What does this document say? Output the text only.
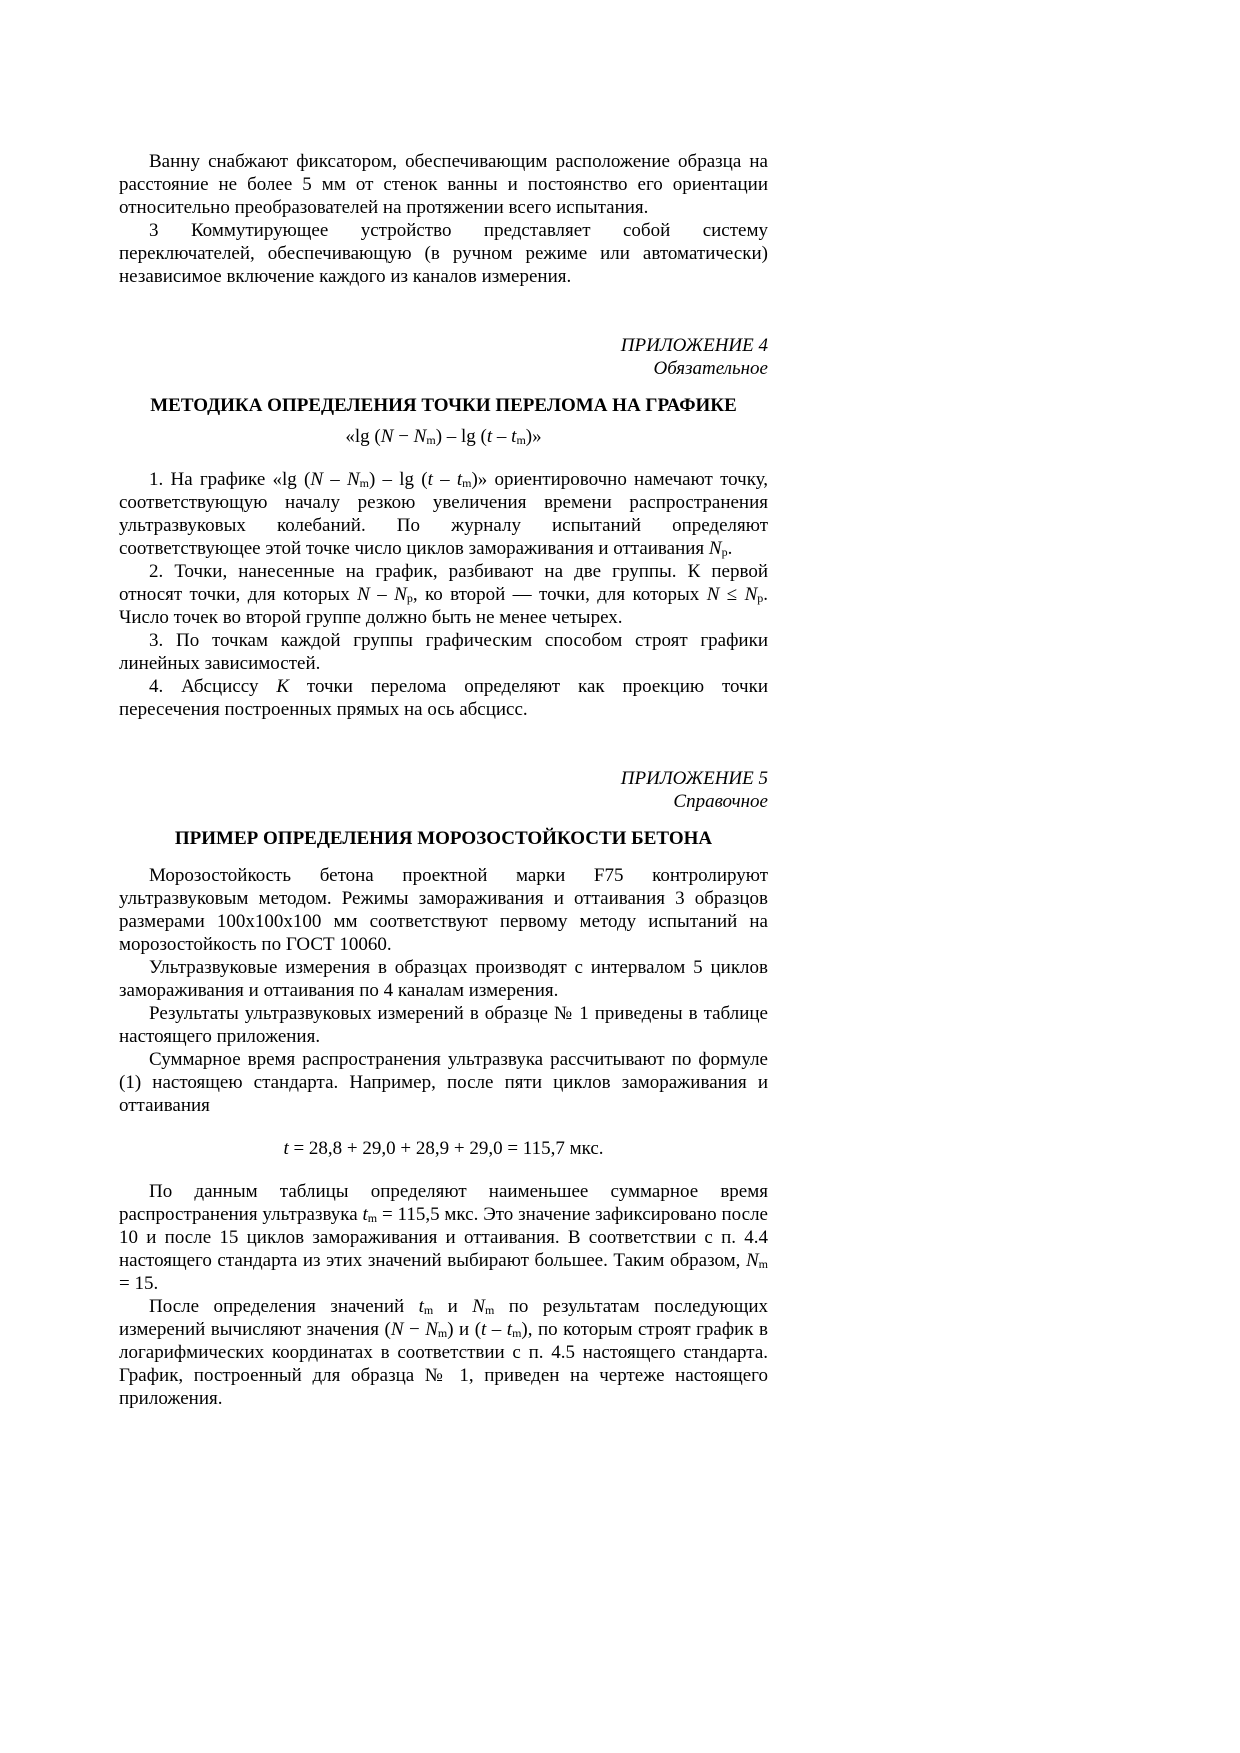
Ванну снабжают фиксатором, обеспечивающим расположение образца на расстояние не более 5 мм от стенок ванны и постоянство его ориентации относительно преобразователей на протяжении всего испытания.

3 Коммутирующее устройство представляет собой систему переключателей, обеспечивающую (в ручном режиме или автоматически) независимое включение каждого из каналов измерения.

ПРИЛОЖЕНИЕ 4

Обязательное

МЕТОДИКА ОПРЕДЕЛЕНИЯ ТОЧКИ ПЕРЕЛОМА НА ГРАФИКЕ

«lg $(N - N_m) - \lg (t - t_m)$»

1. На графике «lg $(N - N_m)$ – $\lg (t - t_m)$» ориентировочно намечают точку, соответствующую началу резкою увеличения времени распространения ультразвуковых колебаний. По журналу испытаний определяют соответствующее этой точке число циклов замораживания и оттаивания $N_p$.

2. Точки, нанесенные на график, разбивают на две группы. К первой относят точки, для которых N – $N_p$, ко второй — точки, для которых $N \le N_p$. Число точек во второй группе должно быть не менее четырех.

3. По точкам каждой группы графическим способом строят графики линейных зависимостей.

4. Абсциссу K точки перелома определяют как проекцию точки пересечения построенных прямых на ось абсцисс.

ПРИЛОЖЕНИЕ 5

Справочное

ПРИМЕР ОПРЕДЕЛЕНИЯ МОРОЗОСТОЙКОСТИ БЕТОНА

Морозостойкость бетона проектной марки F75 контролируют ультразвуковым методом. Режимы замораживания и оттаивания 3 образцов размерами 100x100x100 мм соответствуют первому методу испытаний на морозостойкость по ГОСТ 10060.

Ультразвуковые измерения в образцах производят с интервалом 5 циклов замораживания и оттаивания по 4 каналам измерения.

Результаты ультразвуковых измерений в образце № 1 приведены в таблице настоящего приложения.

Суммарное время распространения ультразвука рассчитывают по формуле (1) настоящею стандарта. Например, после пяти циклов замораживания и оттаивания

t = 28,8 + 29,0 + 28,9 + 29,0 = 115,7 мкс.

По данным таблицы определяют наименьшее суммарное время распространения ультразвука $t_m = 115,5$ мкс. Это значение зафиксировано после 10 и после 15 циклов замораживания и оттаивания. В соответствии с п. 4.4 настоящего стандарта из этих значений выбирают большее. Таким образом, $N_m = 15$.

После определения значений $t_m$ и $N_m$ по результатам последующих измерений вычисляют значения $(N - N_m)$ и $(t - t_m)$, по которым строят график в логарифмических координатах в соответствии с п. 4.5 настоящего стандарта. График, построенный для образца № 1, приведен на чертеже настоящего приложения.
